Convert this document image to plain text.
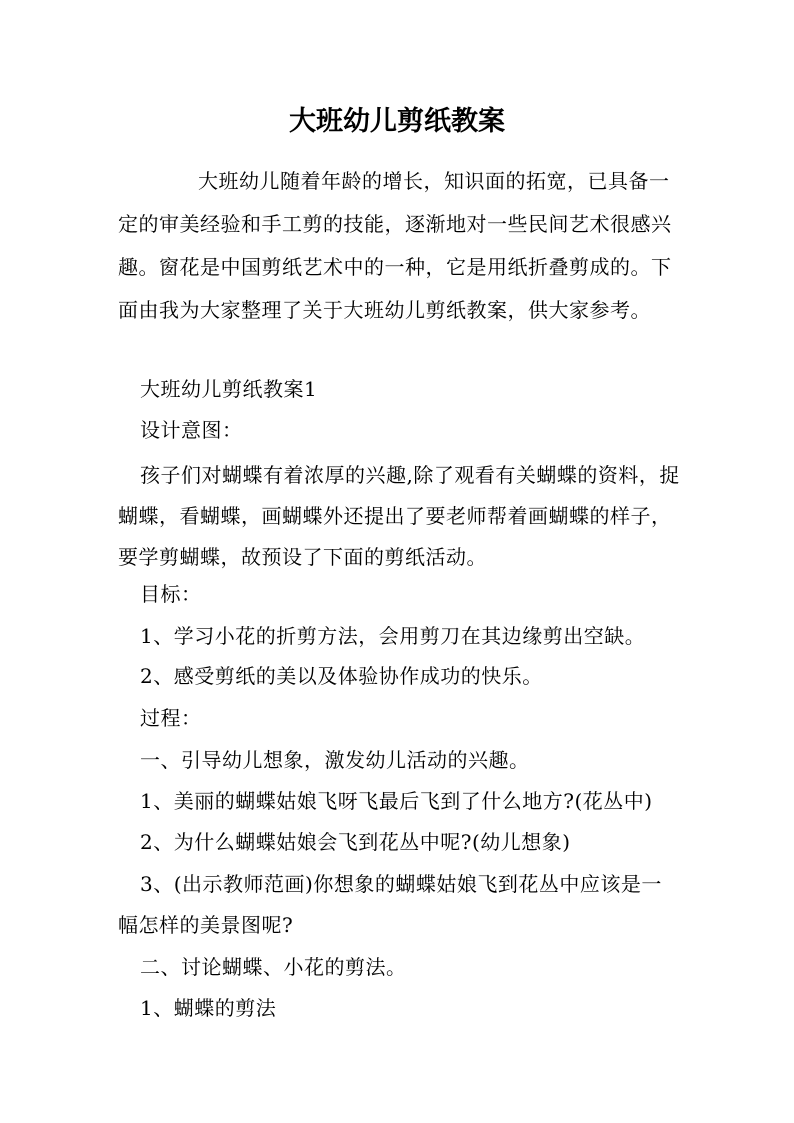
大班幼儿剪纸教案

大班幼儿随着年龄的增长，知识面的拓宽，已具备一定的审美经验和手工剪的技能，逐渐地对一些民间艺术很感兴趣。窗花是中国剪纸艺术中的一种，它是用纸折叠剪成的。下面由我为大家整理了关于大班幼儿剪纸教案，供大家参考。

大班幼儿剪纸教案1

设计意图：

孩子们对蝴蝶有着浓厚的兴趣,除了观看有关蝴蝶的资料，捉蝴蝶，看蝴蝶，画蝴蝶外还提出了要老师帮着画蝴蝶的样子，要学剪蝴蝶，故预设了下面的剪纸活动。

目标：

1、学习小花的折剪方法，会用剪刀在其边缘剪出空缺。

2、感受剪纸的美以及体验协作成功的快乐。

过程：

一、引导幼儿想象，激发幼儿活动的兴趣。

1、美丽的蝴蝶姑娘飞呀飞最后飞到了什么地方?(花丛中)

2、为什么蝴蝶姑娘会飞到花丛中呢?(幼儿想象)

3、(出示教师范画)你想象的蝴蝶姑娘飞到花丛中应该是一幅怎样的美景图呢?

二、讨论蝴蝶、小花的剪法。

1、蝴蝶的剪法
